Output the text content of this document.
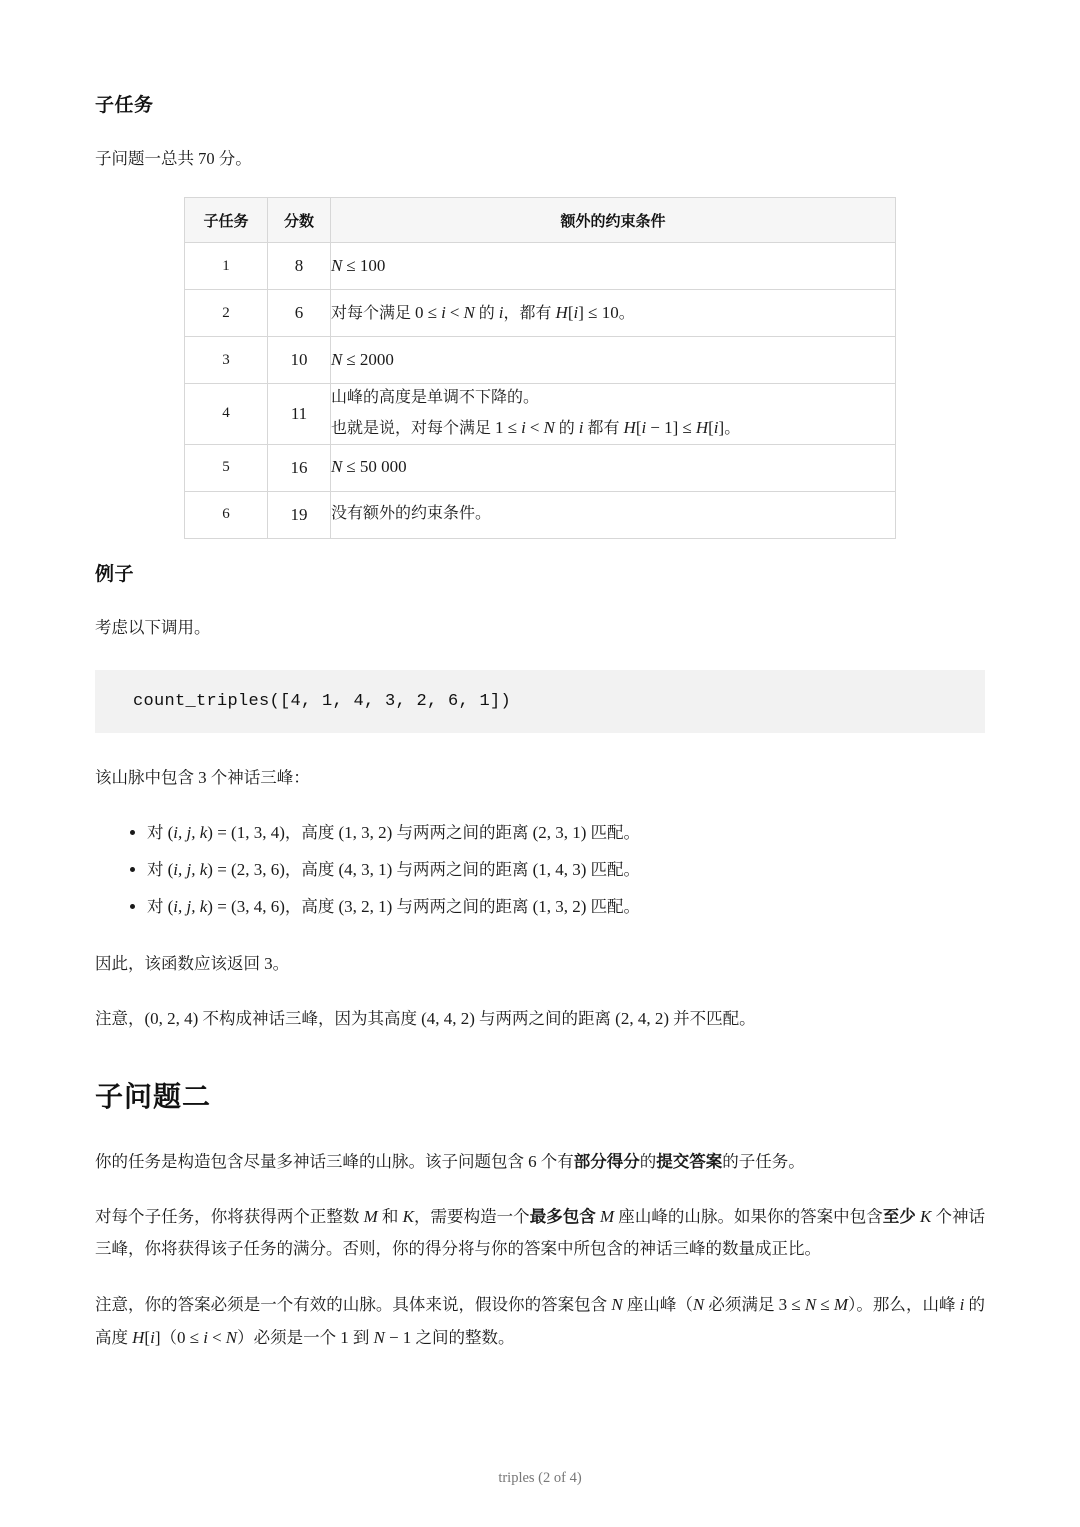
子任务

子问题一总共 70 分。

子任务	分数	额外的约束条件
1	8	N ≤ 100
2	6	对每个满足 0 ≤ i < N 的 i，都有 H[i] ≤ 10。
3	10	N ≤ 2000
4	11	山峰的高度是单调不下降的。
也就是说，对每个满足 1 ≤ i < N 的 i 都有 H[i − 1] ≤ H[i]。
5	16	N ≤ 50 000
6	19	没有额外的约束条件。
例子

考虑以下调用。

count_triples([4, 1, 4, 3, 2, 6, 1])

该山脉中包含 3 个神话三峰：

• 对 (i, j, k) = (1, 3, 4)，高度 (1, 3, 2) 与两两之间的距离 (2, 3, 1) 匹配。
• 对 (i, j, k) = (2, 3, 6)，高度 (4, 3, 1) 与两两之间的距离 (1, 4, 3) 匹配。
• 对 (i, j, k) = (3, 4, 6)，高度 (3, 2, 1) 与两两之间的距离 (1, 3, 2) 匹配。

因此，该函数应该返回 3。

注意，(0, 2, 4) 不构成神话三峰，因为其高度 (4, 4, 2) 与两两之间的距离 (2, 4, 2) 并不匹配。

子问题二

你的任务是构造包含尽量多神话三峰的山脉。该子问题包含 6 个有部分得分的提交答案的子任务。

对每个子任务，你将获得两个正整数 M 和 K，需要构造一个最多包含 M 座山峰的山脉。如果你的答案中包含至少 K 个神话三峰，你将获得该子任务的满分。否则，你的得分将与你的答案中所包含的神话三峰的数量成正比。

注意，你的答案必须是一个有效的山脉。具体来说，假设你的答案包含 N 座山峰（N 必须满足 3 ≤ N ≤ M）。那么，山峰 i 的高度 H[i]（0 ≤ i < N）必须是一个 1 到 N − 1 之间的整数。

triples (2 of 4)
